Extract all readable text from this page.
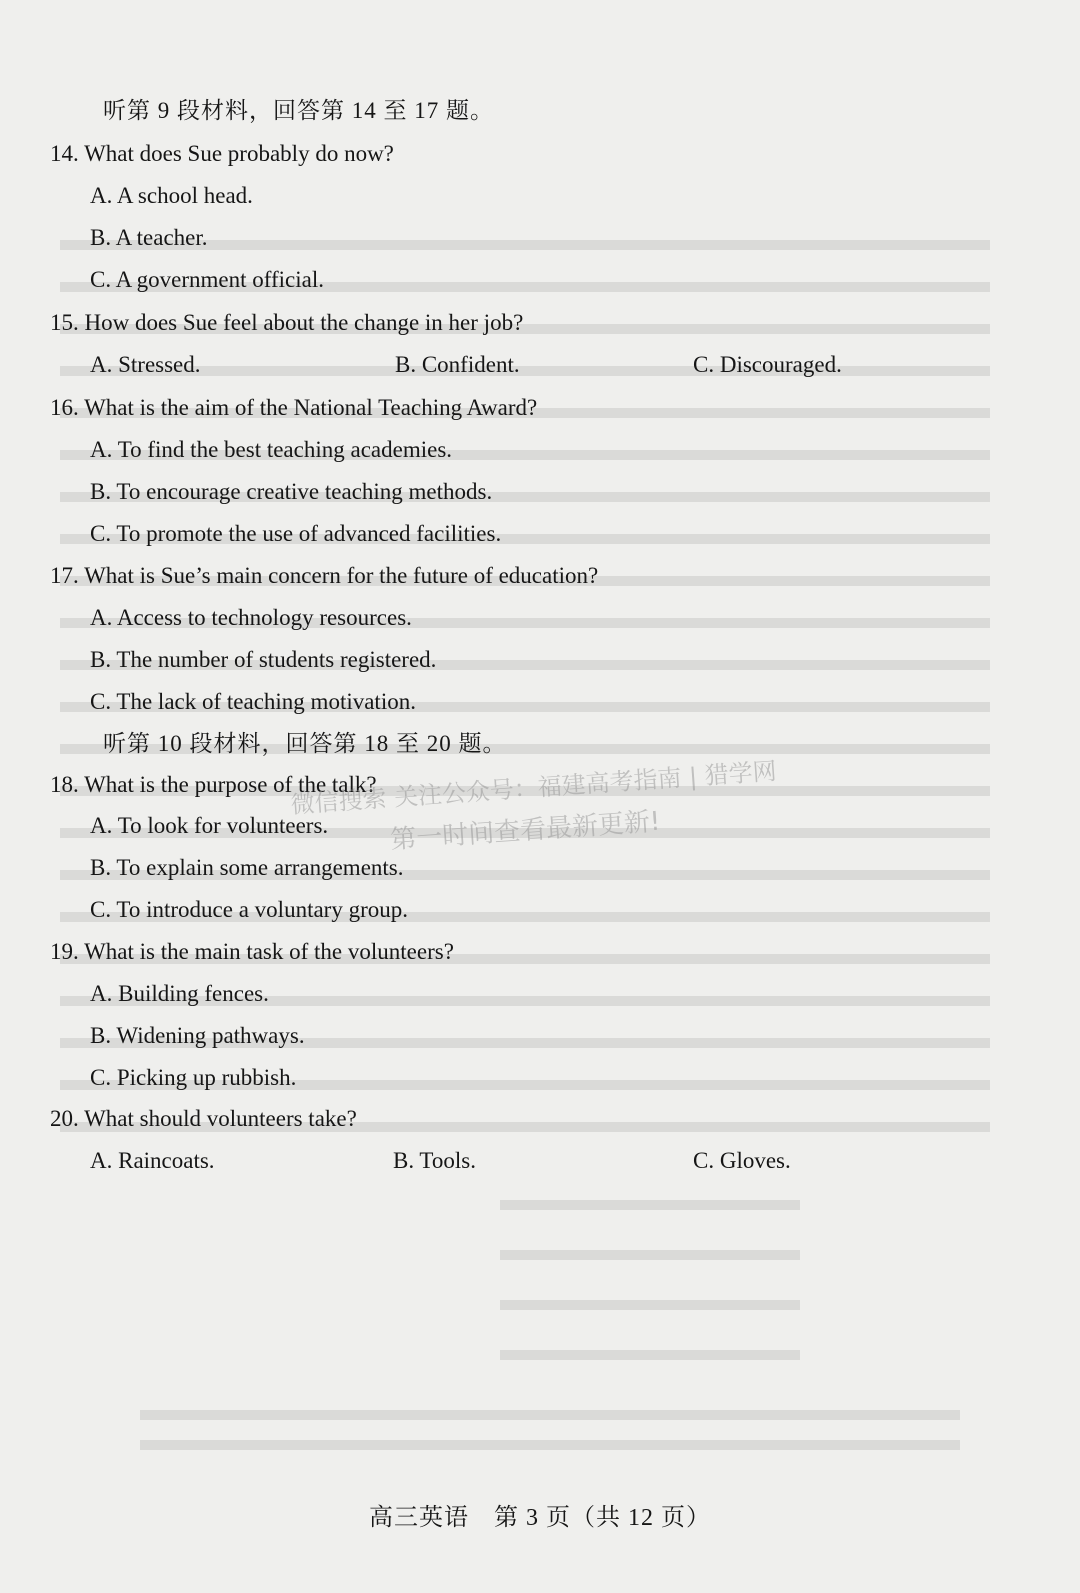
听第 9 段材料，回答第 14 至 17 题。
14. What does Sue probably do now?
A. A school head.
B. A teacher.
C. A government official.
15. How does Sue feel about the change in her job?
A. Stressed.	B. Confident.	C. Discouraged.
16. What is the aim of the National Teaching Award?
A. To find the best teaching academies.
B. To encourage creative teaching methods.
C. To promote the use of advanced facilities.
17. What is Sue’s main concern for the future of education?
A. Access to technology resources.
B. The number of students registered.
C. The lack of teaching motivation.
听第 10 段材料，回答第 18 至 20 题。
18. What is the purpose of the talk?
A. To look for volunteers.
B. To explain some arrangements.
C. To introduce a voluntary group.
19. What is the main task of the volunteers?
A. Building fences.
B. Widening pathways.
C. Picking up rubbish.
20. What should volunteers take?
A. Raincoats.	B. Tools.	C. Gloves.
微信搜索 关注公众号：福建高考指南 | 猎学网
第一时间查看最新更新!
高三英语　第 3 页（共 12 页）
